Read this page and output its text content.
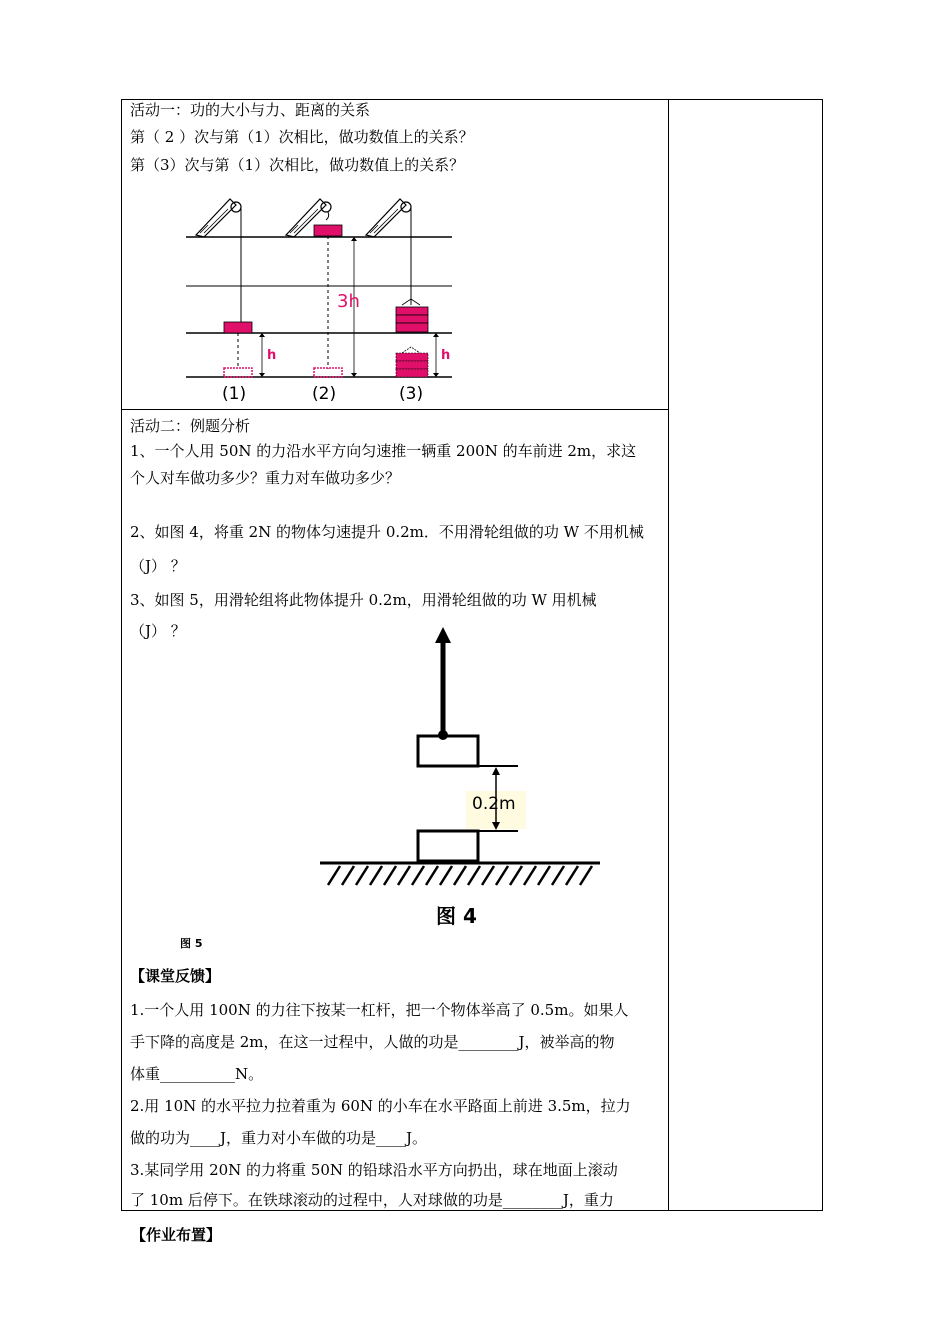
活动一：功的大小与力、距离的关系
第（ 2 ）次与第（1）次相比，做功数值上的关系？
第（3）次与第（1）次相比，做功数值上的关系？
3h
h	h
(1)	(2)	(3)
活动二：例题分析
1、一个人用 50N 的力沿水平方向匀速推一辆重 200N 的车前进 2m，求这
个人对车做功多少？重力对车做功多少？
2、如图 4，将重 2N 的物体匀速提升 0.2m．不用滑轮组做的功 W 不用机械
（J） ？
3、如图 5，用滑轮组将此物体提升 0.2m，用滑轮组做的功 W 用机械
（J） ？
0.2m
图 4
图 5
【课堂反馈】
1.一个人用 100N 的力往下按某一杠杆，把一个物体举高了 0.5m。如果人
手下降的高度是 2m，在这一过程中，人做的功是________J，被举高的物
体重__________N。
2.用 10N 的水平拉力拉着重为 60N 的小车在水平路面上前进 3.5m，拉力
做的功为____J，重力对小车做的功是____J。
3.某同学用 20N 的力将重 50N 的铅球沿水平方向扔出，球在地面上滚动
了 10m 后停下。在铁球滚动的过程中，人对球做的功是________J，重力
【作业布置】
